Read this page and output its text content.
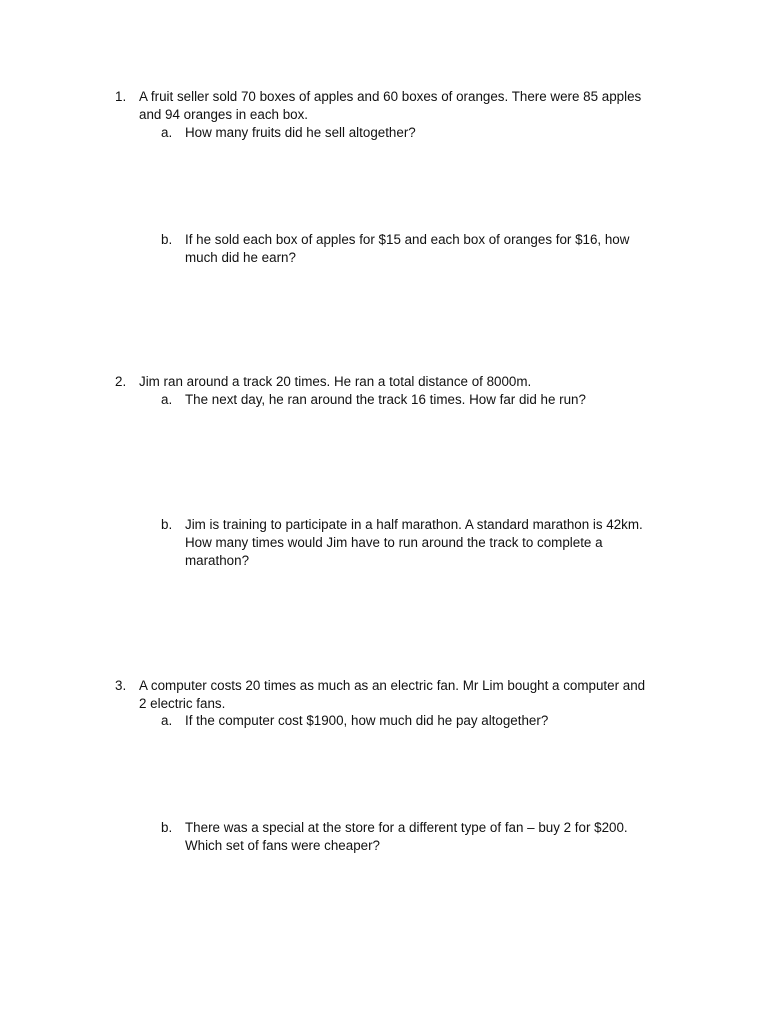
1. A fruit seller sold 70 boxes of apples and 60 boxes of oranges. There were 85 apples

and 94 oranges in each box.

a. How many fruits did he sell altogether?

b. If he sold each box of apples for $15 and each box of oranges for $16, how

much did he earn?

2. Jim ran around a track 20 times. He ran a total distance of 8000m.

a. The next day, he ran around the track 16 times. How far did he run?

b. Jim is training to participate in a half marathon. A standard marathon is 42km.

How many times would Jim have to run around the track to complete a

marathon?

3. A computer costs 20 times as much as an electric fan. Mr Lim bought a computer and

2 electric fans.

a. If the computer cost $1900, how much did he pay altogether?

b. There was a special at the store for a different type of fan – buy 2 for $200.

Which set of fans were cheaper?
